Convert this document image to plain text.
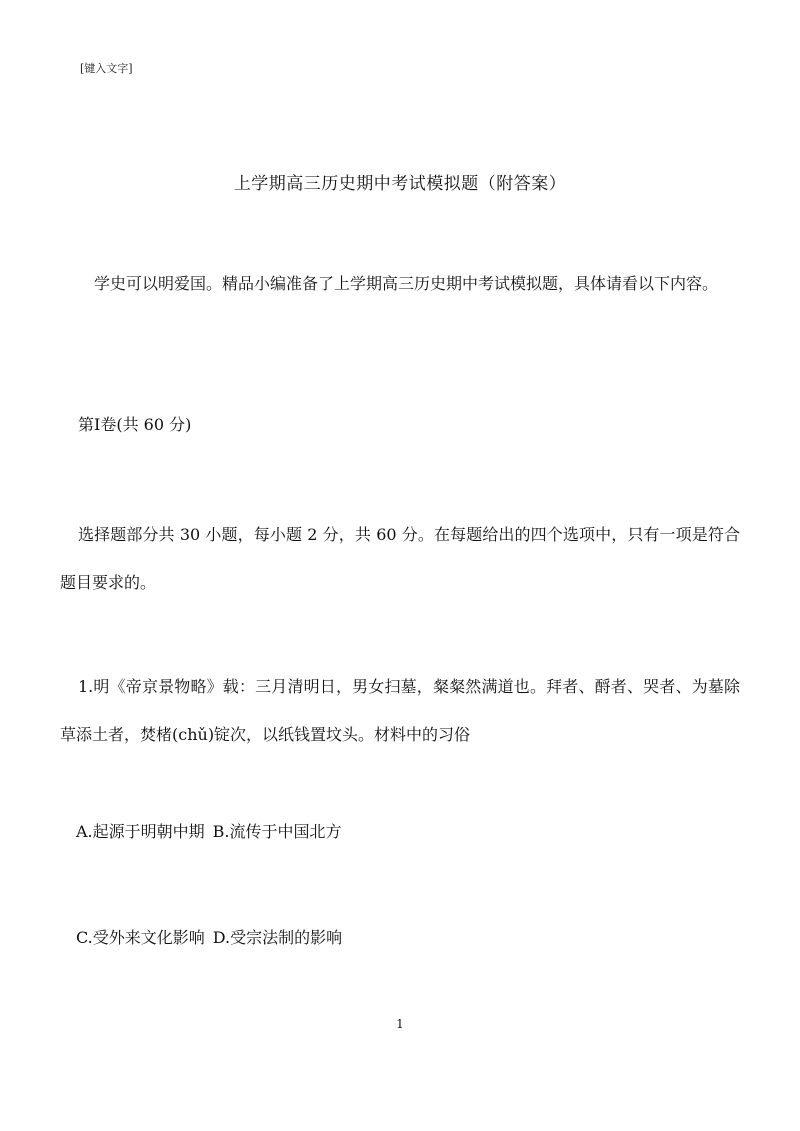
[键入文字]
上学期高三历史期中考试模拟题（附答案）
学史可以明爱国。精品小编准备了上学期高三历史期中考试模拟题，具体请看以下内容。
第Ⅰ卷(共 60 分)
选择题部分共 30 小题，每小题 2 分，共 60 分。在每题给出的四个选项中，只有一项是符合题目要求的。
1.明《帝京景物略》载：三月清明日，男女扫墓，粲粲然满道也。拜者、酹者、哭者、为墓除草添土者，焚楮(chǔ)锭次，以纸钱置坟头。材料中的习俗
A.起源于明朝中期 B.流传于中国北方
C.受外来文化影响 D.受宗法制的影响
1
